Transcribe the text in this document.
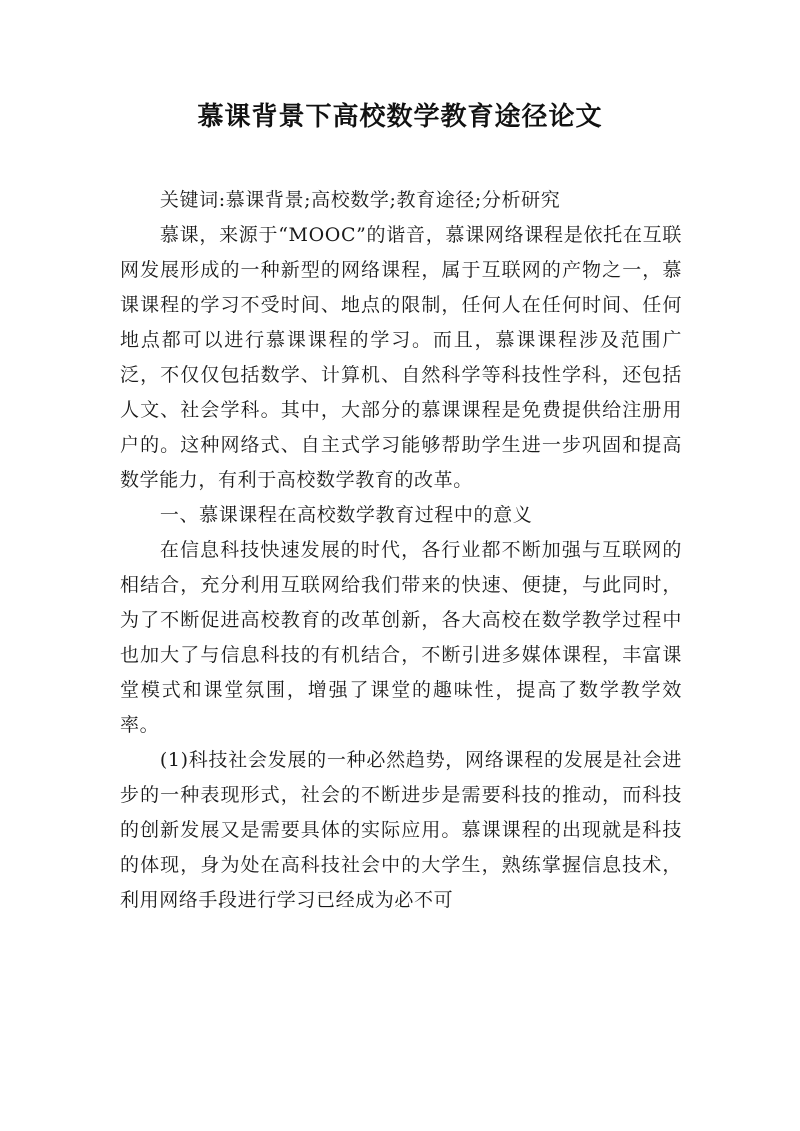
慕课背景下高校数学教育途径论文

关键词:慕课背景;高校数学;教育途径;分析研究

慕课，来源于“MOOC”的谐音，慕课网络课程是依托在互联网发展形成的一种新型的网络课程，属于互联网的产物之一，慕课课程的学习不受时间、地点的限制，任何人在任何时间、任何地点都可以进行慕课课程的学习。而且，慕课课程涉及范围广泛，不仅仅包括数学、计算机、自然科学等科技性学科，还包括人文、社会学科。其中，大部分的慕课课程是免费提供给注册用户的。这种网络式、自主式学习能够帮助学生进一步巩固和提高数学能力，有利于高校数学教育的改革。

一、慕课课程在高校数学教育过程中的意义

在信息科技快速发展的时代，各行业都不断加强与互联网的相结合，充分利用互联网给我们带来的快速、便捷，与此同时，为了不断促进高校教育的改革创新，各大高校在数学教学过程中也加大了与信息科技的有机结合，不断引进多媒体课程，丰富课堂模式和课堂氛围，增强了课堂的趣味性，提高了数学教学效率。

(1)科技社会发展的一种必然趋势，网络课程的发展是社会进步的一种表现形式，社会的不断进步是需要科技的推动，而科技的创新发展又是需要具体的实际应用。慕课课程的出现就是科技的体现，身为处在高科技社会中的大学生，熟练掌握信息技术，利用网络手段进行学习已经成为必不可
